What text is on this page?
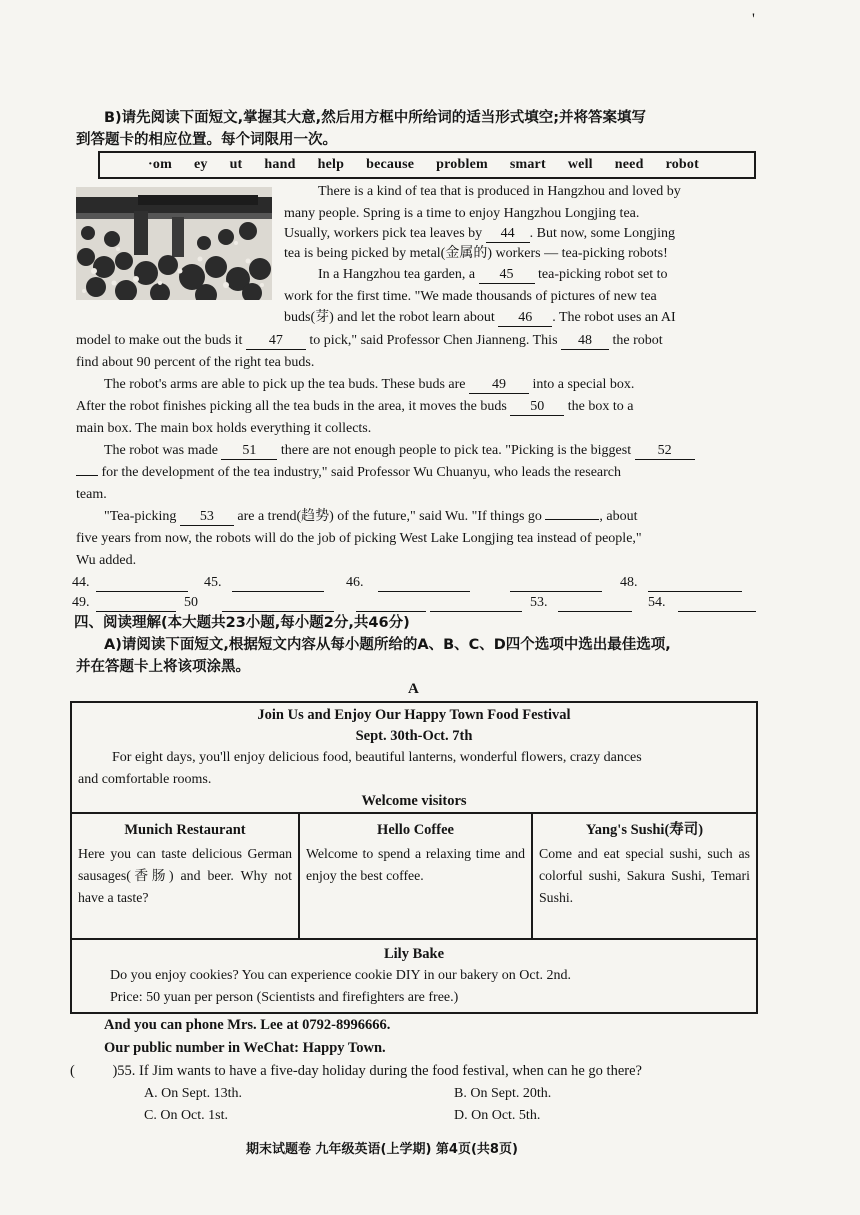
'
B)请先阅读下面短文,掌握其大意,然后用方框中所给词的适当形式填空;并将答案填写
到答题卡的相应位置。每个词限用一次。
·om ey ut hand help because problem smart well need robot
There is a kind of tea that is produced in Hangzhou and loved by
many people. Spring is a time to enjoy Hangzhou Longjing tea.
Usually, workers pick tea leaves by 44 . But now, some Longjing
tea is being picked by metal(金属的) workers — tea-picking robots!
In a Hangzhou tea garden, a 45 tea-picking robot set to
work for the first time. "We made thousands of pictures of new tea
buds(芽) and let the robot learn about 46 . The robot uses an AI
model to make out the buds it 47 to pick," said Professor Chen Jianneng. This 48 the robot
find about 90 percent of the right tea buds.
The robot's arms are able to pick up the tea buds. These buds are 49 into a special box.
After the robot finishes picking all the tea buds in the area, it moves the buds 50 the box to a
main box. The main box holds everything it collects.
The robot was made 51 there are not enough people to pick tea. "Picking is the biggest 52
for the development of the tea industry," said Professor Wu Chuanyu, who leads the research
team.
"Tea-picking 53 are a trend(趋势) of the future," said Wu. "If things go	, about
five years from now, the robots will do the job of picking West Lake Longjing tea instead of people,"
Wu added.
44.	45.	46.	48.
49.	50	53.	54.
四、阅读理解(本大题共23小题,每小题2分,共46分)
A)请阅读下面短文,根据短文内容从每小题所给的A、B、C、D四个选项中选出最佳选项,
并在答题卡上将该项涂黑。
A
Join Us and Enjoy Our Happy Town Food Festival
Sept. 30th-Oct. 7th
For eight days, you'll enjoy delicious food, beautiful lanterns, wonderful flowers, crazy dances
and comfortable rooms.
Welcome visitors
Munich Restaurant
Here you can taste delicious German sausages(香肠) and beer. Why not have a taste?
Hello Coffee
Welcome to spend a relaxing time and enjoy the best coffee.
Yang's Sushi(寿司)
Come and eat special sushi, such as colorful sushi, Sakura Sushi, Temari Sushi.
Lily Bake
Do you enjoy cookies? You can experience cookie DIY in our bakery on Oct. 2nd.
Price: 50 yuan per person (Scientists and firefighters are free.)
And you can phone Mrs. Lee at 0792-8996666.
Our public number in WeChat: Happy Town.
(	)55. If Jim wants to have a five-day holiday during the food festival, when can he go there?
A. On Sept. 13th.	B. On Sept. 20th.
C. On Oct. 1st.	D. On Oct. 5th.
期末试题卷 九年级英语(上学期) 第4页(共8页)
